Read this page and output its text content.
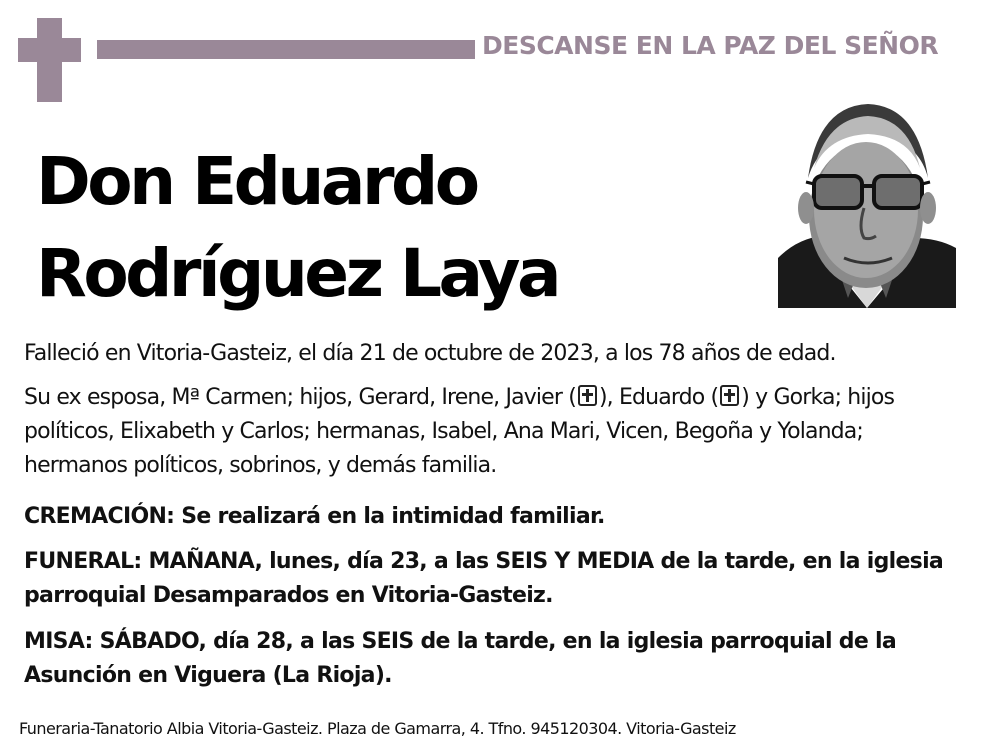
DESCANSE EN LA PAZ DEL SEÑOR
Don Eduardo
Rodríguez Laya
Falleció en Vitoria-Gasteiz, el día 21 de octubre de 2023, a los 78 años de edad.
Su ex esposa, Mª Carmen; hijos, Gerard, Irene, Javier ( ), Eduardo ( ) y Gorka; hijos políticos, Elixabeth y Carlos; hermanas, Isabel, Ana Mari, Vicen, Begoña y Yolanda; hermanos políticos, sobrinos, y demás familia.
CREMACIÓN: Se realizará en la intimidad familiar.
FUNERAL: MAÑANA, lunes, día 23, a las SEIS Y MEDIA de la tarde, en la iglesia parroquial Desamparados en Vitoria-Gasteiz.
MISA: SÁBADO, día 28, a las SEIS de la tarde, en la iglesia parroquial de la Asunción en Viguera (La Rioja).
Funeraria-Tanatorio Albia Vitoria-Gasteiz. Plaza de Gamarra, 4. Tfno. 945120304. Vitoria-Gasteiz
